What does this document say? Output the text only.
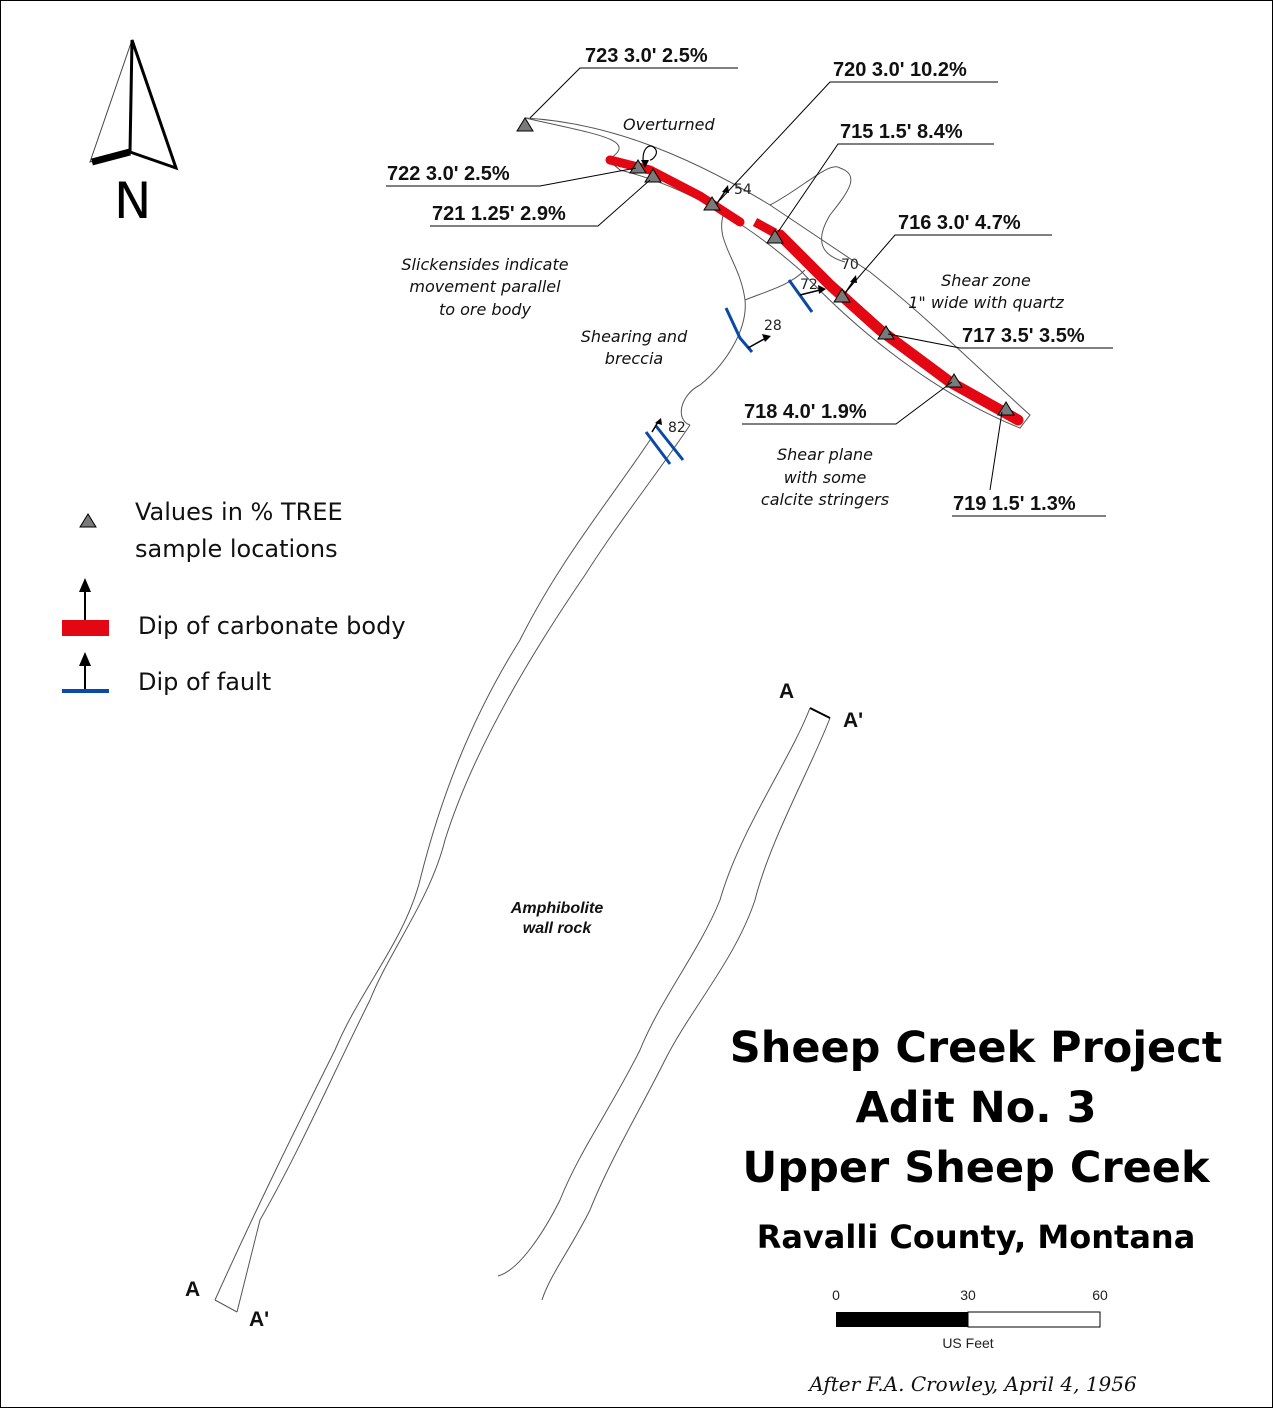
N	54
70
72
28
82
723 3.0' 2.5%
720 3.0' 10.2%
715 1.5' 8.4%
722 3.0' 2.5%
721 1.25' 2.9%	716 3.0' 4.7%
717 3.5' 3.5%
718 4.0' 1.9%
719 1.5' 1.3%
Overturned
Slickensides indicate
movement parallel
to ore body
Shearing and
breccia
Shear zone
1" wide with quartz
Shear plane
with some
calcite stringers
Amphibolite
wall rock
A
A'
A
A'
Values in % TREE
sample locations
Dip of carbonate body
Dip of fault
Sheep Creek Project
Adit No. 3
Upper Sheep Creek
Ravalli County, Montana
0	30	60
US Feet
After F.A. Crowley, April 4, 1956
